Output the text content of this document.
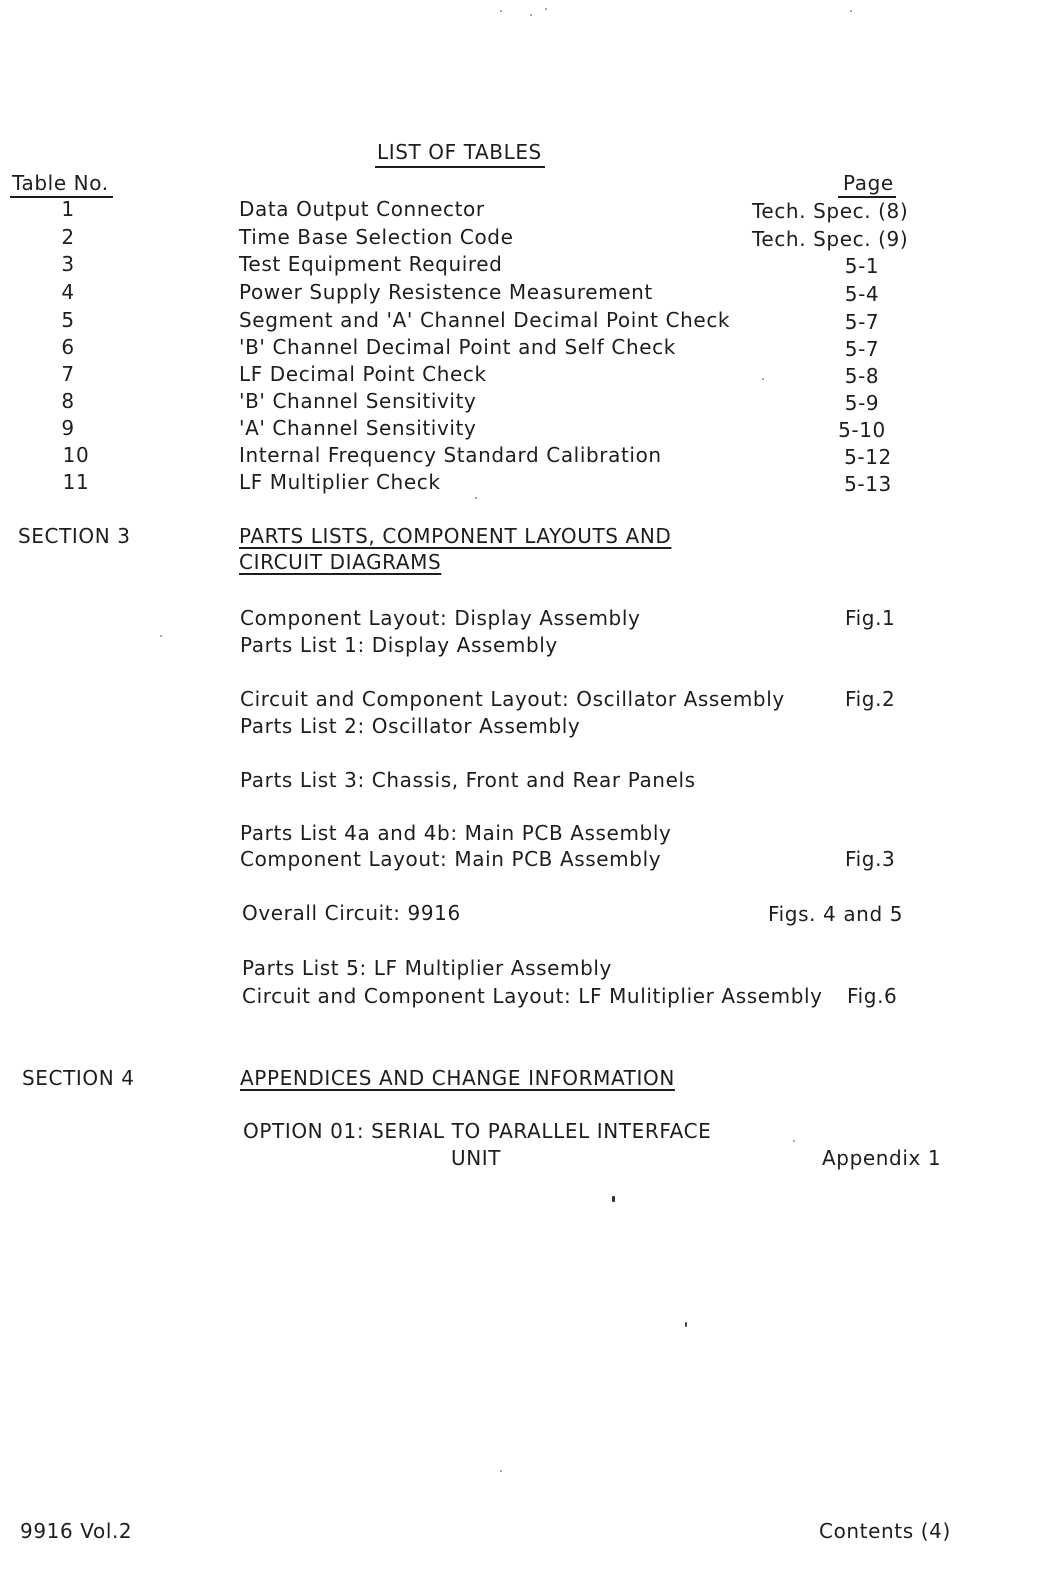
LIST OF TABLES
Table No.	Page
1	Data Output Connector	Tech. Spec. (8)
2	Time Base Selection Code	Tech. Spec. (9)
3	Test Equipment Required	5-1
4	Power Supply Resistence Measurement	5-4
5	Segment and 'A' Channel Decimal Point Check	5-7
6	'B' Channel Decimal Point and Self Check	5-7
7	LF Decimal Point Check	5-8
8	'B' Channel Sensitivity	5-9
9	'A' Channel Sensitivity	5-10
10	Internal Frequency Standard Calibration	5-12
11	LF Multiplier Check	5-13
SECTION 3	PARTS LISTS, COMPONENT LAYOUTS AND
CIRCUIT DIAGRAMS
Component Layout: Display Assembly	Fig.1
Parts List 1: Display Assembly
Circuit and Component Layout: Oscillator Assembly	Fig.2
Parts List 2: Oscillator Assembly
Parts List 3: Chassis, Front and Rear Panels
Parts List 4a and 4b: Main PCB Assembly
Component Layout: Main PCB Assembly	Fig.3
Overall Circuit: 9916	Figs. 4 and 5
Parts List 5: LF Multiplier Assembly
Circuit and Component Layout: LF Mulitiplier Assembly Fig.6
SECTION 4	APPENDICES AND CHANGE INFORMATION
OPTION 01: SERIAL TO PARALLEL INTERFACE
UNIT	Appendix 1
9916 Vol.2	Contents (4)
